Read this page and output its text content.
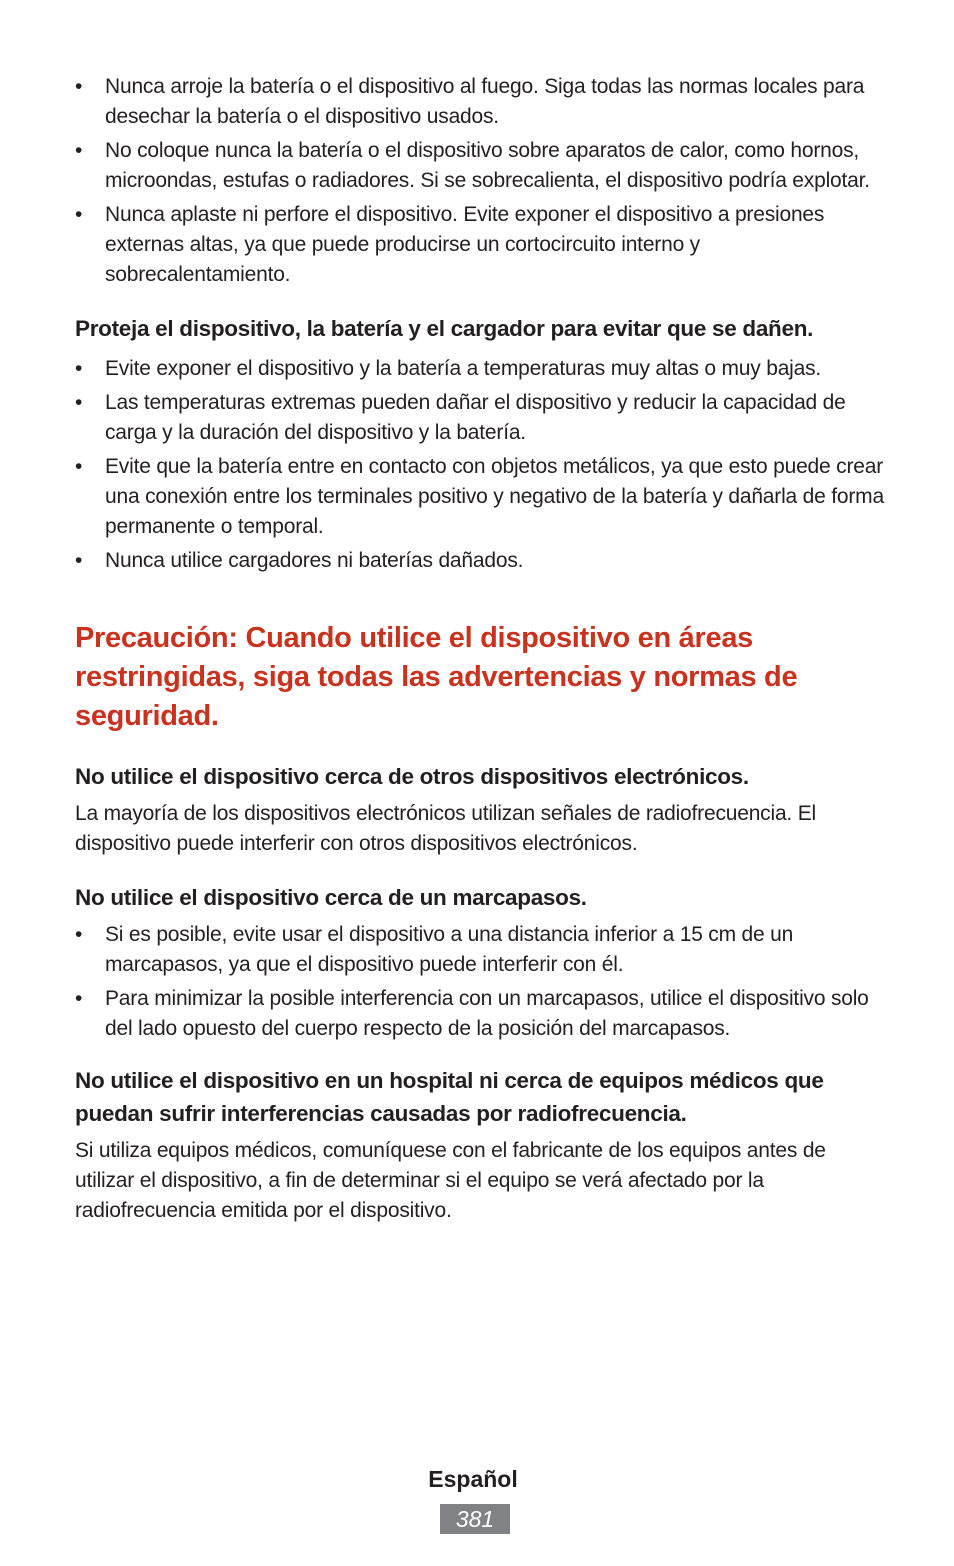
• Nunca arroje la batería o el dispositivo al fuego. Siga todas las normas locales para desechar la batería o el dispositivo usados.
• No coloque nunca la batería o el dispositivo sobre aparatos de calor, como hornos, microondas, estufas o radiadores. Si se sobrecalienta, el dispositivo podría explotar.
• Nunca aplaste ni perfore el dispositivo. Evite exponer el dispositivo a presiones externas altas, ya que puede producirse un cortocircuito interno y sobrecalentamiento.
Proteja el dispositivo, la batería y el cargador para evitar que se dañen.
• Evite exponer el dispositivo y la batería a temperaturas muy altas o muy bajas.
• Las temperaturas extremas pueden dañar el dispositivo y reducir la capacidad de carga y la duración del dispositivo y la batería.
• Evite que la batería entre en contacto con objetos metálicos, ya que esto puede crear una conexión entre los terminales positivo y negativo de la batería y dañarla de forma permanente o temporal.
• Nunca utilice cargadores ni baterías dañados.
Precaución: Cuando utilice el dispositivo en áreas restringidas, siga todas las advertencias y normas de seguridad.
No utilice el dispositivo cerca de otros dispositivos electrónicos.

La mayoría de los dispositivos electrónicos utilizan señales de radiofrecuencia. El dispositivo puede interferir con otros dispositivos electrónicos.

No utilice el dispositivo cerca de un marcapasos.
• Si es posible, evite usar el dispositivo a una distancia inferior a 15 cm de un marcapasos, ya que el dispositivo puede interferir con él.
• Para minimizar la posible interferencia con un marcapasos, utilice el dispositivo solo del lado opuesto del cuerpo respecto de la posición del marcapasos.
No utilice el dispositivo en un hospital ni cerca de equipos médicos que puedan sufrir interferencias causadas por radiofrecuencia.

Si utiliza equipos médicos, comuníquese con el fabricante de los equipos antes de utilizar el dispositivo, a fin de determinar si el equipo se verá afectado por la radiofrecuencia emitida por el dispositivo.

Español
381
